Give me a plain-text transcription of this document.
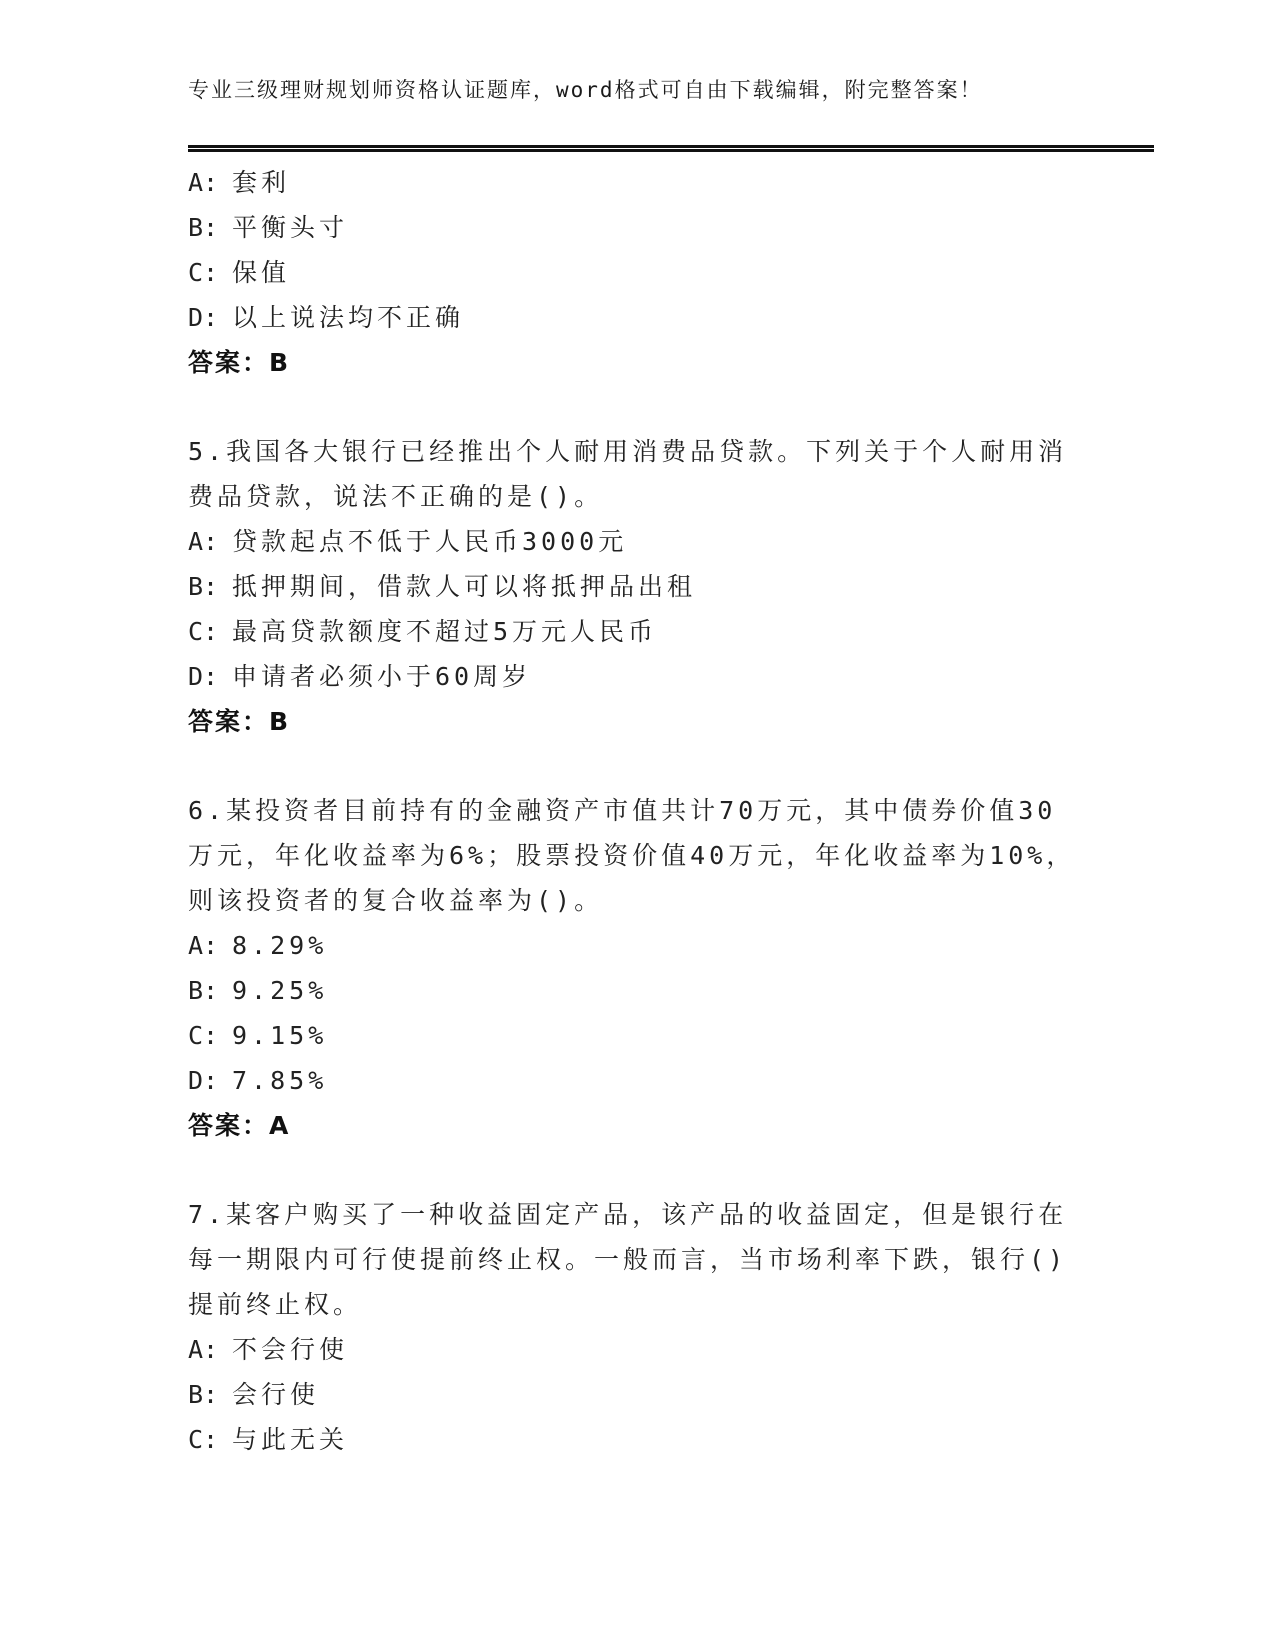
专业三级理财规划师资格认证题库，word格式可自由下载编辑，附完整答案！
A: 套利
B: 平衡头寸
C: 保值
D: 以上说法均不正确
答案：B
5.我国各大银行已经推出个人耐用消费品贷款。下列关于个人耐用消
费品贷款，说法不正确的是()。
A: 贷款起点不低于人民币3000元
B: 抵押期间，借款人可以将抵押品出租
C: 最高贷款额度不超过5万元人民币
D: 申请者必须小于60周岁
答案：B
6.某投资者目前持有的金融资产市值共计70万元，其中债券价值30
万元，年化收益率为6%；股票投资价值40万元，年化收益率为10%，
则该投资者的复合收益率为()。
A: 8.29%
B: 9.25%
C: 9.15%
D: 7.85%
答案：A
7.某客户购买了一种收益固定产品，该产品的收益固定，但是银行在
每一期限内可行使提前终止权。一般而言，当市场利率下跌，银行()
提前终止权。
A: 不会行使
B: 会行使
C: 与此无关
